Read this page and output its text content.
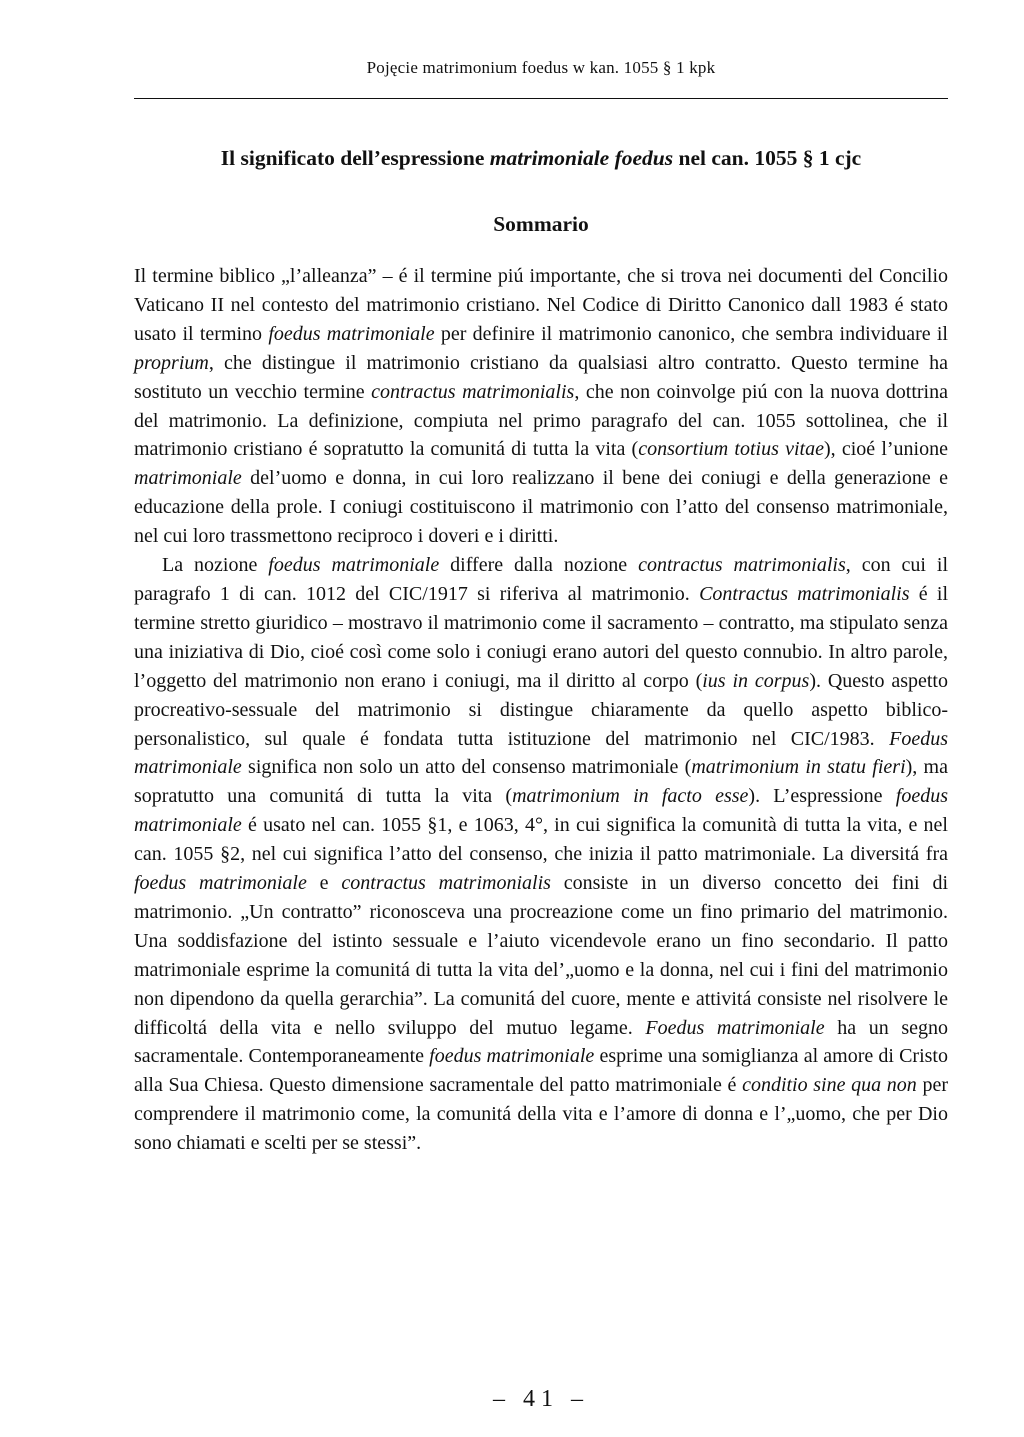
Pojęcie matrimonium foedus w kan. 1055 § 1 kpk
Il significato dell’espressione matrimoniale foedus nel can. 1055 § 1 cjc
Sommario

Il termine biblico „l’alleanza” – é il termine piú importante, che si trova nei documenti del Concilio Vaticano II nel contesto del matrimonio cristiano. Nel Codice di Diritto Canonico dall 1983 é stato usato il termino foedus matrimoniale per definire il matrimonio canonico, che sembra individuare il proprium, che distingue il matrimonio cristiano da qualsiasi altro contratto. Questo termine ha sostituto un vecchio termine contractus matrimonialis, che non coinvolge piú con la nuova dottrina del matrimonio. La definizione, compiuta nel primo paragrafo del can. 1055 sottolinea, che il matrimonio cristiano é sopratutto la comunitá di tutta la vita (consortium totius vitae), cioé l’unione matrimoniale del’uomo e donna, in cui loro realizzano il bene dei coniugi e della generazione e educazione della prole. I coniugi costituiscono il matrimonio con l’atto del consenso matrimoniale, nel cui loro trassmettono reciproco i doveri e i diritti.

La nozione foedus matrimoniale differe dalla nozione contractus matrimonialis, con cui il paragrafo 1 di can. 1012 del CIC/1917 si riferiva al matrimonio. Contractus matrimonialis é il termine stretto giuridico – mostravo il matrimonio come il sacramento – contratto, ma stipulato senza una iniziativa di Dio, cioé così come solo i coniugi erano autori del questo connubio. In altro parole, l’oggetto del matrimonio non erano i coniugi, ma il diritto al corpo (ius in corpus). Questo aspetto procreativo-sessuale del matrimonio si distingue chiaramente da quello aspetto biblico-personalistico, sul quale é fondata tutta istituzione del matrimonio nel CIC/1983. Foedus matrimoniale significa non solo un atto del consenso matrimoniale (matrimonium in statu fieri), ma sopratutto una comunitá di tutta la vita (matrimonium in facto esse). L’espressione foedus matrimoniale é usato nel can. 1055 §1, e 1063, 4°, in cui significa la comunità di tutta la vita, e nel can. 1055 §2, nel cui significa l’atto del consenso, che inizia il patto matrimoniale. La diversitá fra foedus matrimoniale e contractus matrimonialis consiste in un diverso concetto dei fini di matrimonio. „Un contratto” riconosceva una procreazione come un fino primario del matrimonio. Una soddisfazione del istinto sessuale e l’aiuto vicendevole erano un fino secondario. Il patto matrimoniale esprime la comunitá di tutta la vita del’„uomo e la donna, nel cui i fini del matrimonio non dipendono da quella gerarchia”. La comunitá del cuore, mente e attivitá consiste nel risolvere le difficoltá della vita e nello sviluppo del mutuo legame. Foedus matrimoniale ha un segno sacramentale. Contemporaneamente foedus matrimoniale esprime una somiglianza al amore di Cristo alla Sua Chiesa. Questo dimensione sacramentale del patto matrimoniale é conditio sine qua non per comprendere il matrimonio come, la comunitá della vita e l’amore di donna e l’„uomo, che per Dio sono chiamati e scelti per se stessi”.

– 41 –
